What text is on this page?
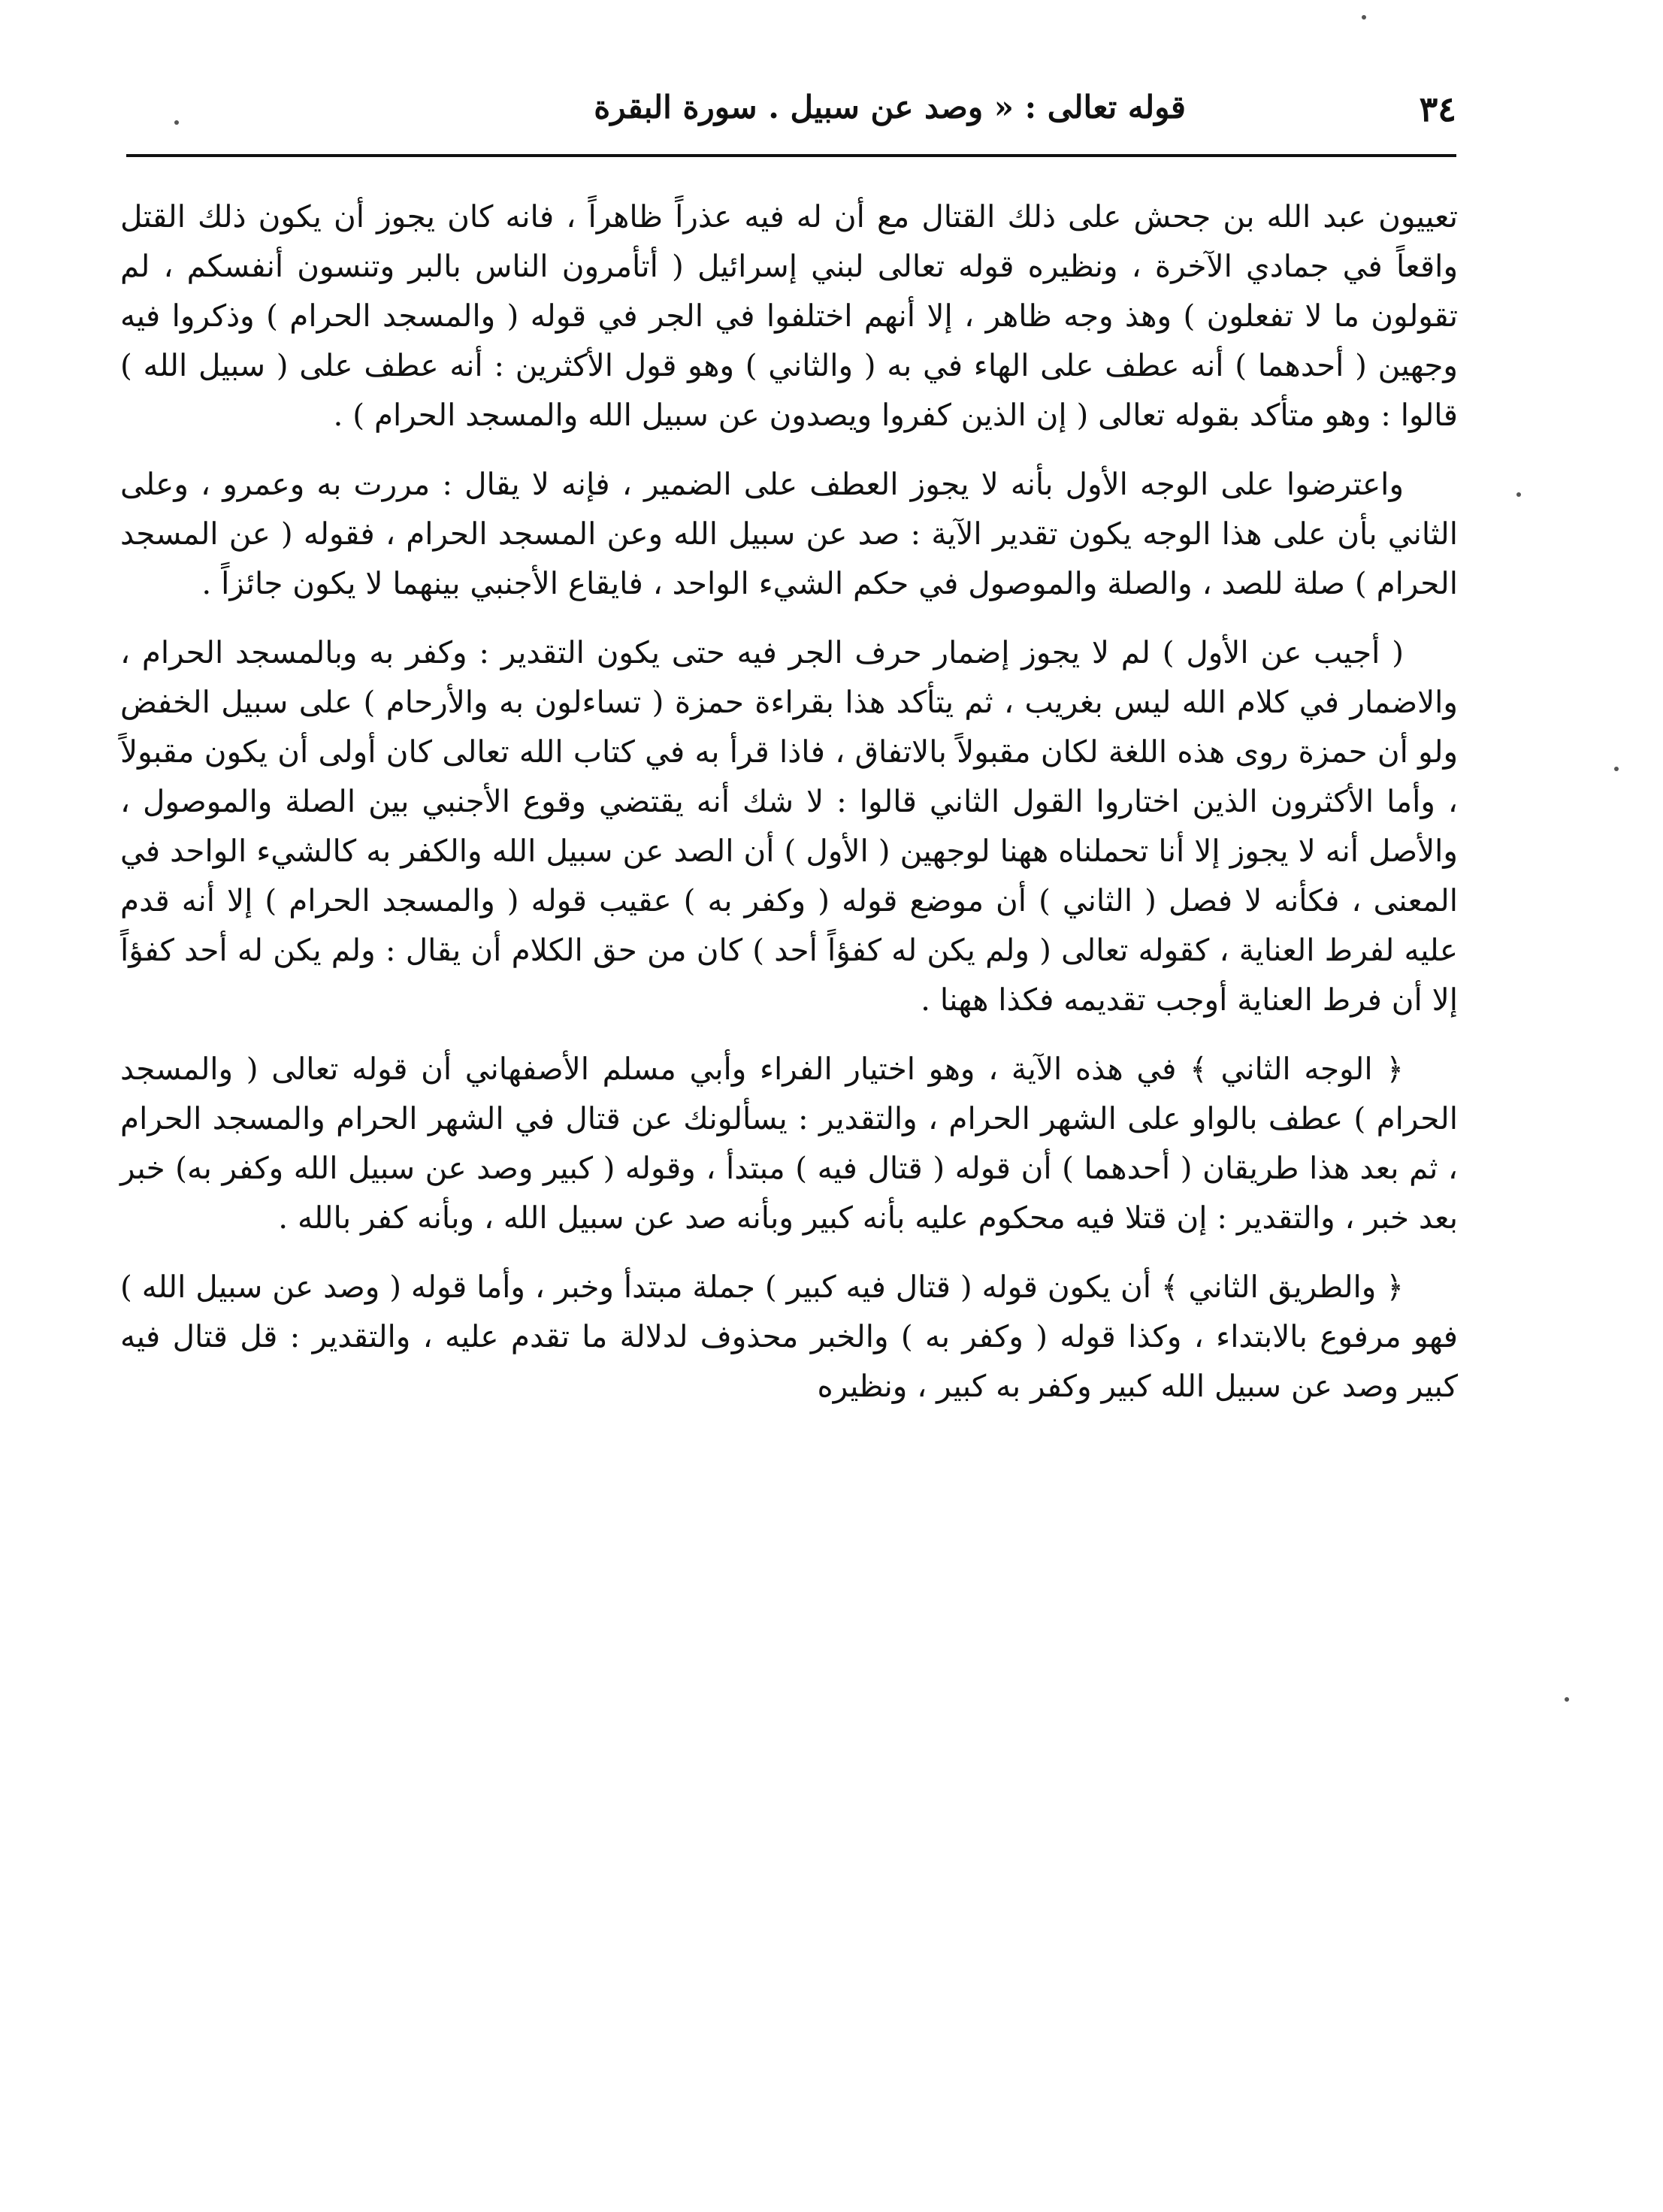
٣٤
قوله تعالى : « وصد عن سبيل . سورة البقرة

تعييون عبد الله بن جحش على ذلك القتال مع أن له فيه عذراً ظاهراً ، فانه كان يجوز أن يكون ذلك القتل واقعاً في جمادي الآخرة ، ونظيره قوله تعالى لبني إسرائيل ( أتأمرون الناس بالبر وتنسون أنفسكم ، لم تقولون ما لا تفعلون ) وهذ وجه ظاهر ، إلا أنهم اختلفوا في الجر في قوله ( والمسجد الحرام ) وذكروا فيه وجهين ( أحدهما ) أنه عطف على الهاء في به ( والثاني ) وهو قول الأكثرين : أنه عطف على ( سبيل الله ) قالوا : وهو متأكد بقوله تعالى ( إن الذين كفروا ويصدون عن سبيل الله والمسجد الحرام ) .

واعترضوا على الوجه الأول بأنه لا يجوز العطف على الضمير ، فإنه لا يقال : مررت به وعمرو ، وعلى الثاني بأن على هذا الوجه يكون تقدير الآية : صد عن سبيل الله وعن المسجد الحرام ، فقوله ( عن المسجد الحرام ) صلة للصد ، والصلة والموصول في حكم الشيء الواحد ، فايقاع الأجنبي بينهما لا يكون جائزاً .

( أجيب عن الأول ) لم لا يجوز إضمار حرف الجر فيه حتى يكون التقدير : وكفر به وبالمسجد الحرام ، والاضمار في كلام الله ليس بغريب ، ثم يتأكد هذا بقراءة حمزة ( تساءلون به والأرحام ) على سبيل الخفض ولو أن حمزة روى هذه اللغة لكان مقبولاً بالاتفاق ، فاذا قرأ به في كتاب الله تعالى كان أولى أن يكون مقبولاً ، وأما الأكثرون الذين اختاروا القول الثاني قالوا : لا شك أنه يقتضي وقوع الأجنبي بين الصلة والموصول ، والأصل أنه لا يجوز إلا أنا تحملناه ههنا لوجهين ( الأول ) أن الصد عن سبيل الله والكفر به كالشيء الواحد في المعنى ، فكأنه لا فصل ( الثاني ) أن موضع قوله ( وكفر به ) عقيب قوله ( والمسجد الحرام ) إلا أنه قدم عليه لفرط العناية ، كقوله تعالى ( ولم يكن له كفؤاً أحد ) كان من حق الكلام أن يقال : ولم يكن له أحد كفؤاً إلا أن فرط العناية أوجب تقديمه فكذا ههنا .

﴿ الوجه الثاني ﴾ في هذه الآية ، وهو اختيار الفراء وأبي مسلم الأصفهاني أن قوله تعالى ( والمسجد الحرام ) عطف بالواو على الشهر الحرام ، والتقدير : يسألونك عن قتال في الشهر الحرام والمسجد الحرام ، ثم بعد هذا طريقان ( أحدهما ) أن قوله ( قتال فيه ) مبتدأ ، وقوله ( كبير وصد عن سبيل الله وكفر به) خبر بعد خبر ، والتقدير : إن قتلا فيه محكوم عليه بأنه كبير وبأنه صد عن سبيل الله ، وبأنه كفر بالله .

﴿ والطريق الثاني ﴾ أن يكون قوله ( قتال فيه كبير ) جملة مبتدأ وخبر ، وأما قوله ( وصد عن سبيل الله ) فهو مرفوع بالابتداء ، وكذا قوله ( وكفر به ) والخبر محذوف لدلالة ما تقدم عليه ، والتقدير : قل قتال فيه كبير وصد عن سبيل الله كبير وكفر به كبير ، ونظيره
